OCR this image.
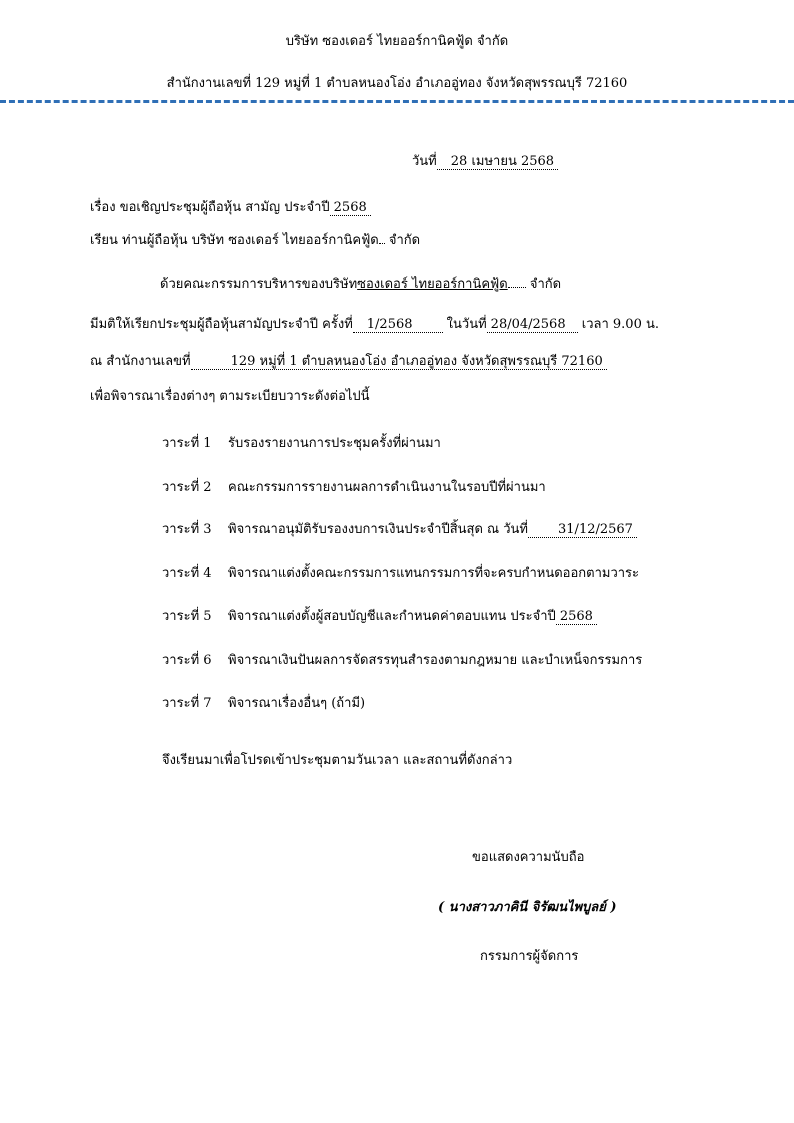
บริษัท ซองเดอร์ ไทยออร์กานิคฟู้ด จำกัด
สำนักงานเลขที่ 129 หมู่ที่ 1 ตำบลหนองโอ่ง อำเภออู่ทอง จังหวัดสุพรรณบุรี 72160
วันที่ 28 เมษายน 2568
เรื่อง ขอเชิญประชุมผู้ถือหุ้น สามัญ ประจำปี 2568
เรียน ท่านผู้ถือหุ้น บริษัท ซองเดอร์ ไทยออร์กานิคฟู้ด จำกัด
ด้วยคณะกรรมการบริหารของบริษัทซองเดอร์ ไทยออร์กานิคฟู้ด จำกัด
มีมติให้เรียกประชุมผู้ถือหุ้นสามัญประจำปี ครั้งที่ 1/2568	ในวันที่ 28/04/2568 เวลา 9.00 น.
ณ สำนักงานเลขที่	129 หมู่ที่ 1 ตำบลหนองโอ่ง อำเภออู่ทอง จังหวัดสุพรรณบุรี 72160
เพื่อพิจารณาเรื่องต่างๆ ตามระเบียบวาระดังต่อไปนี้
วาระที่ 1 รับรองรายงานการประชุมครั้งที่ผ่านมา
วาระที่ 2 คณะกรรมการรายงานผลการดำเนินงานในรอบปีที่ผ่านมา
วาระที่ 3 พิจารณาอนุมัติรับรองงบการเงินประจำปีสิ้นสุด ณ วันที่ 31/12/2567
วาระที่ 4 พิจารณาแต่งตั้งคณะกรรมการแทนกรรมการที่จะครบกำหนดออกตามวาระ
วาระที่ 5 พิจารณาแต่งตั้งผู้สอบบัญชีและกำหนดค่าตอบแทน ประจำปี 2568
วาระที่ 6 พิจารณาเงินปันผลการจัดสรรทุนสำรองตามกฎหมาย และบำเหน็จกรรมการ
วาระที่ 7 พิจารณาเรื่องอื่นๆ (ถ้ามี)
จึงเรียนมาเพื่อโปรดเข้าประชุมตามวันเวลา และสถานที่ดังกล่าว
ขอแสดงความนับถือ
( นางสาวภาคินี จิรัฒนไพบูลย์ )
กรรมการผู้จัดการ
